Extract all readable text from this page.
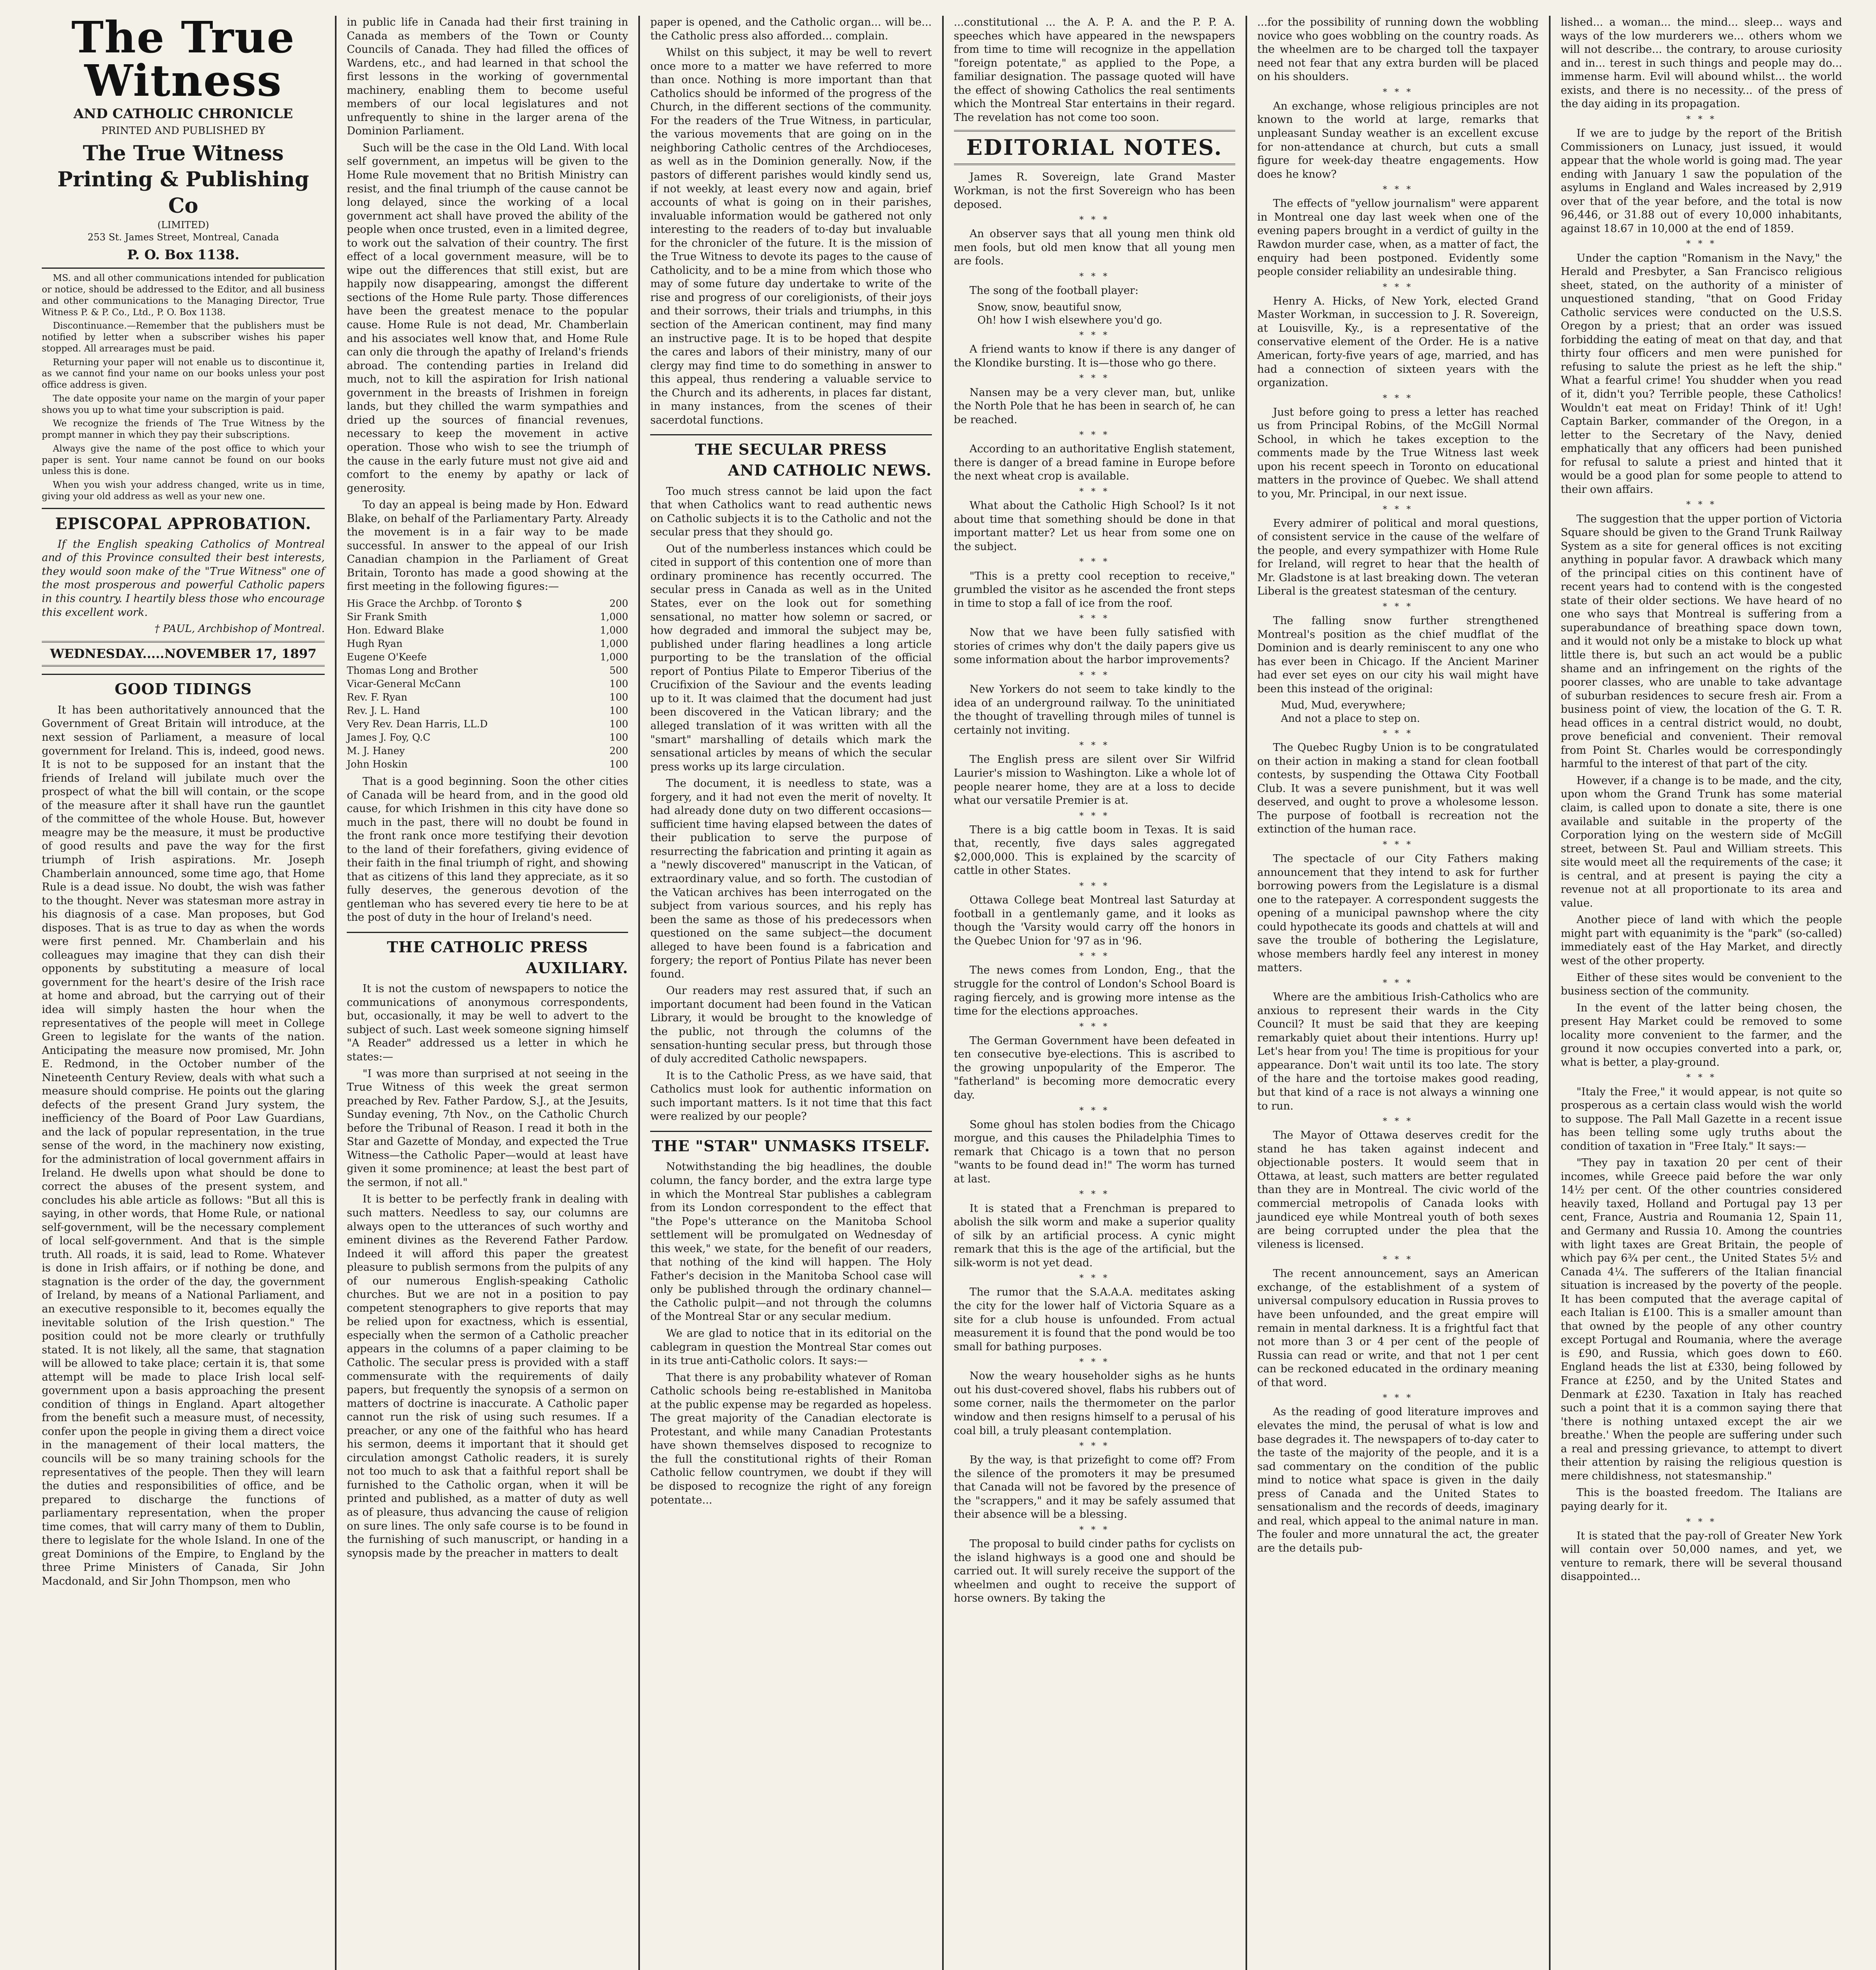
The True Witness
AND CATHOLIC CHRONICLE
PRINTED AND PUBLISHED BY
The True Witness Printing & Publishing Co
(LIMITED)
253 St. James Street, Montreal, Canada
P. O. Box 1138.

MS. and all other communications intended for publication or notice, should be addressed to the Editor, and all business and other communications to the Managing Director, True Witness P. & P. Co., Ltd., P. O. Box 1138.

Discontinuance.—Remember that the publishers must be notified by letter when a subscriber wishes his paper stopped. All arrearages must be paid.

Returning your paper will not enable us to discontinue it, as we cannot find your name on our books unless your post office address is given.

The date opposite your name on the margin of your paper shows you up to what time your subscription is paid.

We recognize the friends of The True Witness by the prompt manner in which they pay their subscriptions.

Always give the name of the post office to which your paper is sent. Your name cannot be found on our books unless this is done.

When you wish your address changed, write us in time, giving your old address as well as your new one.

EPISCOPAL APPROBATION.

If the English speaking Catholics of Montreal and of this Province consulted their best interests, they would soon make of the "True Witness" one of the most prosperous and powerful Catholic papers in this country. I heartily bless those who encourage this excellent work.

† PAUL, Archbishop of Montreal.
WEDNESDAY.....NOVEMBER 17, 1897
GOOD TIDINGS

It has been authoritatively announced that the Government of Great Britain will introduce, at the next session of Parliament, a measure of local government for Ireland. This is, indeed, good news. It is not to be supposed for an instant that the friends of Ireland will jubilate much over the prospect of what the bill will contain, or the scope of the measure after it shall have run the gauntlet of the committee of the whole House. But, however meagre may be the measure, it must be productive of good results and pave the way for the first triumph of Irish aspirations. Mr. Joseph Chamberlain announced, some time ago, that Home Rule is a dead issue. No doubt, the wish was father to the thought. Never was statesman more astray in his diagnosis of a case. Man proposes, but God disposes. That is as true to day as when the words were first penned. Mr. Chamberlain and his colleagues may imagine that they can dish their opponents by substituting a measure of local government for the heart's desire of the Irish race at home and abroad, but the carrying out of their idea will simply hasten the hour when the representatives of the people will meet in College Green to legislate for the wants of the nation. Anticipating the measure now promised, Mr. John E. Redmond, in the October number of the Nineteenth Century Review, deals with what such a measure should comprise. He points out the glaring defects of the present Grand Jury system, the inefficiency of the Board of Poor Law Guardians, and the lack of popular representation, in the true sense of the word, in the machinery now existing, for the administration of local government affairs in Ireland. He dwells upon what should be done to correct the abuses of the present system, and concludes his able article as follows: "But all this is saying, in other words, that Home Rule, or national self-government, will be the necessary complement of local self-government. And that is the simple truth. All roads, it is said, lead to Rome. Whatever is done in Irish affairs, or if nothing be done, and stagnation is the order of the day, the government of Ireland, by means of a National Parliament, and an executive responsible to it, becomes equally the inevitable solution of the Irish question." The position could not be more clearly or truthfully stated. It is not likely, all the same, that stagnation will be allowed to take place; certain it is, that some attempt will be made to place Irish local self-government upon a basis approaching the present condition of things in England. Apart altogether from the benefit such a measure must, of necessity, confer upon the people in giving them a direct voice in the management of their local matters, the councils will be so many training schools for the representatives of the people. Then they will learn the duties and responsibilities of office, and be prepared to discharge the functions of parliamentary representation, when the proper time comes, that will carry many of them to Dublin, there to legislate for the whole Island. In one of the great Dominions of the Empire, to England by the three Prime Ministers of Canada, Sir John Macdonald, and Sir John Thompson, men who

in public life in Canada had their first training in Canada as members of the Town or County Councils of Canada. They had filled the offices of Wardens, etc., and had learned in that school the first lessons in the working of governmental machinery, enabling them to become useful members of our local legislatures and not unfrequently to shine in the larger arena of the Dominion Parliament.

Such will be the case in the Old Land. With local self government, an impetus will be given to the Home Rule movement that no British Ministry can resist, and the final triumph of the cause cannot be long delayed, since the working of a local government act shall have proved the ability of the people when once trusted, even in a limited degree, to work out the salvation of their country. The first effect of a local government measure, will be to wipe out the differences that still exist, but are happily now disappearing, amongst the different sections of the Home Rule party. Those differences have been the greatest menace to the popular cause. Home Rule is not dead, Mr. Chamberlain and his associates well know that, and Home Rule can only die through the apathy of Ireland's friends abroad. The contending parties in Ireland did much, not to kill the aspiration for Irish national government in the breasts of Irishmen in foreign lands, but they chilled the warm sympathies and dried up the sources of financial revenues, necessary to keep the movement in active operation. Those who wish to see the triumph of the cause in the early future must not give aid and comfort to the enemy by apathy or lack of generosity.

To day an appeal is being made by Hon. Edward Blake, on behalf of the Parliamentary Party. Already the movement is in a fair way to be made successful. In answer to the appeal of our Irish Canadian champion in the Parliament of Great Britain, Toronto has made a good showing at the first meeting in the following figures:—

His Grace the Archbp. of Toronto $	200
Sir Frank Smith	1,000
Hon. Edward Blake	1,000
Hugh Ryan	1,000
Eugene O'Keefe	1,000
Thomas Long and Brother	500
Vicar-General McCann	100
Rev. F. Ryan	100
Rev. J. L. Hand	100
Very Rev. Dean Harris, LL.D	100
James J. Foy, Q.C	100
M. J. Haney	200
John Hoskin	100

That is a good beginning. Soon the other cities of Canada will be heard from, and in the good old cause, for which Irishmen in this city have done so much in the past, there will no doubt be found in the front rank once more testifying their devotion to the land of their forefathers, giving evidence of their faith in the final triumph of right, and showing that as citizens of this land they appreciate, as it so fully deserves, the generous devotion of the gentleman who has severed every tie here to be at the post of duty in the hour of Ireland's need.

THE CATHOLIC PRESS
AUXILIARY.

It is not the custom of newspapers to notice the communications of anonymous correspondents, but, occasionally, it may be well to advert to the subject of such. Last week someone signing himself "A Reader" addressed us a letter in which he states:—

"I was more than surprised at not seeing in the True Witness of this week the great sermon preached by Rev. Father Pardow, S.J., at the Jesuits, Sunday evening, 7th Nov., on the Catholic Church before the Tribunal of Reason. I read it both in the Star and Gazette of Monday, and expected the True Witness—the Catholic Paper—would at least have given it some prominence; at least the best part of the sermon, if not all."

It is better to be perfectly frank in dealing with such matters. Needless to say, our columns are always open to the utterances of such worthy and eminent divines as the Reverend Father Pardow. Indeed it will afford this paper the greatest pleasure to publish sermons from the pulpits of any of our numerous English-speaking Catholic churches. But we are not in a position to pay competent stenographers to give reports that may be relied upon for exactness, which is essential, especially when the sermon of a Catholic preacher appears in the columns of a paper claiming to be Catholic. The secular press is provided with a staff commensurate with the requirements of daily papers, but frequently the synopsis of a sermon on matters of doctrine is inaccurate. A Catholic paper cannot run the risk of using such resumes. If a preacher, or any one of the faithful who has heard his sermon, deems it important that it should get circulation amongst Catholic readers, it is surely not too much to ask that a faithful report shall be furnished to the Catholic organ, when it will be printed and published, as a matter of duty as well as of pleasure, thus advancing the cause of religion on sure lines. The only safe course is to be found in the furnishing of such manuscript, or handing in a synopsis made by the preacher in matters to dealt

paper is opened, and the Catholic organ... will be... the Catholic press also afforded... complain.

Whilst on this subject, it may be well to revert once more to a matter we have referred to more than once. Nothing is more important than that Catholics should be informed of the progress of the Church, in the different sections of the community. For the readers of the True Witness, in particular, the various movements that are going on in the neighboring Catholic centres of the Archdioceses, as well as in the Dominion generally. Now, if the pastors of different parishes would kindly send us, if not weekly, at least every now and again, brief accounts of what is going on in their parishes, invaluable information would be gathered not only interesting to the readers of to-day but invaluable for the chronicler of the future. It is the mission of the True Witness to devote its pages to the cause of Catholicity, and to be a mine from which those who may of some future day undertake to write of the rise and progress of our coreligionists, of their joys and their sorrows, their trials and triumphs, in this section of the American continent, may find many an instructive page. It is to be hoped that despite the cares and labors of their ministry, many of our clergy may find time to do something in answer to this appeal, thus rendering a valuable service to the Church and its adherents, in places far distant, in many instances, from the scenes of their sacerdotal functions.

THE SECULAR PRESS
AND CATHOLIC NEWS.

Too much stress cannot be laid upon the fact that when Catholics want to read authentic news on Catholic subjects it is to the Catholic and not the secular press that they should go.

Out of the numberless instances which could be cited in support of this contention one of more than ordinary prominence has recently occurred. The secular press in Canada as well as in the United States, ever on the look out for something sensational, no matter how solemn or sacred, or how degraded and immoral the subject may be, published under flaring headlines a long article purporting to be the translation of the official report of Pontius Pilate to Emperor Tiberius of the Crucifixion of the Saviour and the events leading up to it. It was claimed that the document had just been discovered in the Vatican library; and the alleged translation of it was written with all the "smart" marshalling of details which mark the sensational articles by means of which the secular press works up its large circulation.

The document, it is needless to state, was a forgery, and it had not even the merit of novelty. It had already done duty on two different occasions—sufficient time having elapsed between the dates of their publication to serve the purpose of resurrecting the fabrication and printing it again as a "newly discovered" manuscript in the Vatican, of extraordinary value, and so forth. The custodian of the Vatican archives has been interrogated on the subject from various sources, and his reply has been the same as those of his predecessors when questioned on the same subject—the document alleged to have been found is a fabrication and forgery; the report of Pontius Pilate has never been found.

Our readers may rest assured that, if such an important document had been found in the Vatican Library, it would be brought to the knowledge of the public, not through the columns of the sensation-hunting secular press, but through those of duly accredited Catholic newspapers.

It is to the Catholic Press, as we have said, that Catholics must look for authentic information on such important matters. Is it not time that this fact were realized by our people?

THE "STAR" UNMASKS ITSELF.

Notwithstanding the big headlines, the double column, the fancy border, and the extra large type in which the Montreal Star publishes a cablegram from its London correspondent to the effect that "the Pope's utterance on the Manitoba School settlement will be promulgated on Wednesday of this week," we state, for the benefit of our readers, that nothing of the kind will happen. The Holy Father's decision in the Manitoba School case will only be published through the ordinary channel—the Catholic pulpit—and not through the columns of the Montreal Star or any secular medium.

We are glad to notice that in its editorial on the cablegram in question the Montreal Star comes out in its true anti-Catholic colors. It says:—

That there is any probability whatever of Roman Catholic schools being re-established in Manitoba at the public expense may be regarded as hopeless. The great majority of the Canadian electorate is Protestant, and while many Canadian Protestants have shown themselves disposed to recognize to the full the constitutional rights of their Roman Catholic fellow countrymen, we doubt if they will be disposed to recognize the right of any foreign potentate...

...constitutional ... the A. P. A. and the P. P. A. speeches which have appeared in the newspapers from time to time will recognize in the appellation "foreign potentate," as applied to the Pope, a familiar designation. The passage quoted will have the effect of showing Catholics the real sentiments which the Montreal Star entertains in their regard. The revelation has not come too soon.

EDITORIAL NOTES.

James R. Sovereign, late Grand Master Workman, is not the first Sovereign who has been deposed.

* * *

An observer says that all young men think old men fools, but old men know that all young men are fools.

* * *

The song of the football player:

Snow, snow, beautiful snow,
Oh! how I wish elsewhere you'd go.
* * *

A friend wants to know if there is any danger of the Klondike bursting. It is—those who go there.

* * *

Nansen may be a very clever man, but, unlike the North Pole that he has been in search of, he can be reached.

* * *

According to an authoritative English statement, there is danger of a bread famine in Europe before the next wheat crop is available.

* * *

What about the Catholic High School? Is it not about time that something should be done in that important matter? Let us hear from some one on the subject.

* * *

"This is a pretty cool reception to receive," grumbled the visitor as he ascended the front steps in time to stop a fall of ice from the roof.

* * *

Now that we have been fully satisfied with stories of crimes why don't the daily papers give us some information about the harbor improvements?

* * *

New Yorkers do not seem to take kindly to the idea of an underground railway. To the uninitiated the thought of travelling through miles of tunnel is certainly not inviting.

* * *

The English press are silent over Sir Wilfrid Laurier's mission to Washington. Like a whole lot of people nearer home, they are at a loss to decide what our versatile Premier is at.

* * *

There is a big cattle boom in Texas. It is said that, recently, five days sales aggregated $2,000,000. This is explained by the scarcity of cattle in other States.

* * *

Ottawa College beat Montreal last Saturday at football in a gentlemanly game, and it looks as though the 'Varsity would carry off the honors in the Quebec Union for '97 as in '96.

* * *

The news comes from London, Eng., that the struggle for the control of London's School Board is raging fiercely, and is growing more intense as the time for the elections approaches.

* * *

The German Government have been defeated in ten consecutive bye-elections. This is ascribed to the growing unpopularity of the Emperor. The "fatherland" is becoming more democratic every day.

* * *

Some ghoul has stolen bodies from the Chicago morgue, and this causes the Philadelphia Times to remark that Chicago is a town that no person "wants to be found dead in!" The worm has turned at last.

* * *

It is stated that a Frenchman is prepared to abolish the silk worm and make a superior quality of silk by an artificial process. A cynic might remark that this is the age of the artificial, but the silk-worm is not yet dead.

* * *

The rumor that the S.A.A.A. meditates asking the city for the lower half of Victoria Square as a site for a club house is unfounded. From actual measurement it is found that the pond would be too small for bathing purposes.

* * *

Now the weary householder sighs as he hunts out his dust-covered shovel, flabs his rubbers out of some corner, nails the thermometer on the parlor window and then resigns himself to a perusal of his coal bill, a truly pleasant contemplation.

* * *

By the way, is that prizefight to come off? From the silence of the promoters it may be presumed that Canada will not be favored by the presence of the "scrappers," and it may be safely assumed that their absence will be a blessing.

* * *

The proposal to build cinder paths for cyclists on the island highways is a good one and should be carried out. It will surely receive the support of the wheelmen and ought to receive the support of horse owners. By taking the

...for the possibility of running down the wobbling novice who goes wobbling on the country roads. As the wheelmen are to be charged toll the taxpayer need not fear that any extra burden will be placed on his shoulders.

* * *

An exchange, whose religious principles are not known to the world at large, remarks that unpleasant Sunday weather is an excellent excuse for non-attendance at church, but cuts a small figure for week-day theatre engagements. How does he know?

* * *

The effects of "yellow journalism" were apparent in Montreal one day last week when one of the evening papers brought in a verdict of guilty in the Rawdon murder case, when, as a matter of fact, the enquiry had been postponed. Evidently some people consider reliability an undesirable thing.

* * *

Henry A. Hicks, of New York, elected Grand Master Workman, in succession to J. R. Sovereign, at Louisville, Ky., is a representative of the conservative element of the Order. He is a native American, forty-five years of age, married, and has had a connection of sixteen years with the organization.

* * *

Just before going to press a letter has reached us from Principal Robins, of the McGill Normal School, in which he takes exception to the comments made by the True Witness last week upon his recent speech in Toronto on educational matters in the province of Quebec. We shall attend to you, Mr. Principal, in our next issue.

* * *

Every admirer of political and moral questions, of consistent service in the cause of the welfare of the people, and every sympathizer with Home Rule for Ireland, will regret to hear that the health of Mr. Gladstone is at last breaking down. The veteran Liberal is the greatest statesman of the century.

* * *

The falling snow further strengthened Montreal's position as the chief mudflat of the Dominion and is dearly reminiscent to any one who has ever been in Chicago. If the Ancient Mariner had ever set eyes on our city his wail might have been this instead of the original:

Mud, Mud, everywhere;
And not a place to step on.
* * *

The Quebec Rugby Union is to be congratulated on their action in making a stand for clean football contests, by suspending the Ottawa City Football Club. It was a severe punishment, but it was well deserved, and ought to prove a wholesome lesson. The purpose of football is recreation not the extinction of the human race.

* * *

The spectacle of our City Fathers making announcement that they intend to ask for further borrowing powers from the Legislature is a dismal one to the ratepayer. A correspondent suggests the opening of a municipal pawnshop where the city could hypothecate its goods and chattels at will and save the trouble of bothering the Legislature, whose members hardly feel any interest in money matters.

* * *

Where are the ambitious Irish-Catholics who are anxious to represent their wards in the City Council? It must be said that they are keeping remarkably quiet about their intentions. Hurry up! Let's hear from you! The time is propitious for your appearance. Don't wait until its too late. The story of the hare and the tortoise makes good reading, but that kind of a race is not always a winning one to run.

* * *

The Mayor of Ottawa deserves credit for the stand he has taken against indecent and objectionable posters. It would seem that in Ottawa, at least, such matters are better regulated than they are in Montreal. The civic world of the commercial metropolis of Canada looks with jaundiced eye while Montreal youth of both sexes are being corrupted under the plea that the vileness is licensed.

* * *

The recent announcement, says an American exchange, of the establishment of a system of universal compulsory education in Russia proves to have been unfounded, and the great empire will remain in mental darkness. It is a frightful fact that not more than 3 or 4 per cent of the people of Russia can read or write, and that not 1 per cent can be reckoned educated in the ordinary meaning of that word.

* * *

As the reading of good literature improves and elevates the mind, the perusal of what is low and base degrades it. The newspapers of to-day cater to the taste of the majority of the people, and it is a sad commentary on the condition of the public mind to notice what space is given in the daily press of Canada and the United States to sensationalism and the records of deeds, imaginary and real, which appeal to the animal nature in man. The fouler and more unnatural the act, the greater are the details pub-

lished... a woman... the mind... sleep... ways and ways of the low murderers we... others whom we will not describe... the contrary, to arouse curiosity and in... terest in such things and people may do... immense harm. Evil will abound whilst... the world exists, and there is no necessity... of the press of the day aiding in its propagation.

* * *

If we are to judge by the report of the British Commissioners on Lunacy, just issued, it would appear that the whole world is going mad. The year ending with January 1 saw the population of the asylums in England and Wales increased by 2,919 over that of the year before, and the total is now 96,446, or 31.88 out of every 10,000 inhabitants, against 18.67 in 10,000 at the end of 1859.

* * *

Under the caption "Romanism in the Navy," the Herald and Presbyter, a San Francisco religious sheet, stated, on the authority of a minister of unquestioned standing, "that on Good Friday Catholic services were conducted on the U.S.S. Oregon by a priest; that an order was issued forbidding the eating of meat on that day, and that thirty four officers and men were punished for refusing to salute the priest as he left the ship." What a fearful crime! You shudder when you read of it, didn't you? Terrible people, these Catholics! Wouldn't eat meat on Friday! Think of it! Ugh! Captain Barker, commander of the Oregon, in a letter to the Secretary of the Navy, denied emphatically that any officers had been punished for refusal to salute a priest and hinted that it would be a good plan for some people to attend to their own affairs.

* * *

The suggestion that the upper portion of Victoria Square should be given to the Grand Trunk Railway System as a site for general offices is not exciting anything in popular favor. A drawback which many of the principal cities on this continent have of recent years had to contend with is the congested state of their older sections. We have heard of no one who says that Montreal is suffering from a superabundance of breathing space down town, and it would not only be a mistake to block up what little there is, but such an act would be a public shame and an infringement on the rights of the poorer classes, who are unable to take advantage of suburban residences to secure fresh air. From a business point of view, the location of the G. T. R. head offices in a central district would, no doubt, prove beneficial and convenient. Their removal from Point St. Charles would be correspondingly harmful to the interest of that part of the city.

However, if a change is to be made, and the city, upon whom the Grand Trunk has some material claim, is called upon to donate a site, there is one available and suitable in the property of the Corporation lying on the western side of McGill street, between St. Paul and William streets. This site would meet all the requirements of the case; it is central, and at present is paying the city a revenue not at all proportionate to its area and value.

Another piece of land with which the people might part with equanimity is the "park" (so-called) immediately east of the Hay Market, and directly west of the other property.

Either of these sites would be convenient to the business section of the community.

In the event of the latter being chosen, the present Hay Market could be removed to some locality more convenient to the farmer, and the ground it now occupies converted into a park, or, what is better, a play-ground.

* * *

"Italy the Free," it would appear, is not quite so prosperous as a certain class would wish the world to suppose. The Pall Mall Gazette in a recent issue has been telling some ugly truths about the condition of taxation in "Free Italy." It says:—

"They pay in taxation 20 per cent of their incomes, while Greece paid before the war only 14½ per cent. Of the other countries considered heavily taxed, Holland and Portugal pay 13 per cent, France, Austria and Roumania 12, Spain 11, and Germany and Russia 10. Among the countries with light taxes are Great Britain, the people of which pay 6¾ per cent., the United States 5½ and Canada 4¼. The sufferers of the Italian financial situation is increased by the poverty of the people. It has been computed that the average capital of each Italian is £100. This is a smaller amount than that owned by the people of any other country except Portugal and Roumania, where the average is £90, and Russia, which goes down to £60. England heads the list at £330, being followed by France at £250, and by the United States and Denmark at £230. Taxation in Italy has reached such a point that it is a common saying there that 'there is nothing untaxed except the air we breathe.' When the people are suffering under such a real and pressing grievance, to attempt to divert their attention by raising the religious question is mere childishness, not statesmanship."

This is the boasted freedom. The Italians are paying dearly for it.

* * *

It is stated that the pay-roll of Greater New York will contain over 50,000 names, and yet, we venture to remark, there will be several thousand disappointed...
